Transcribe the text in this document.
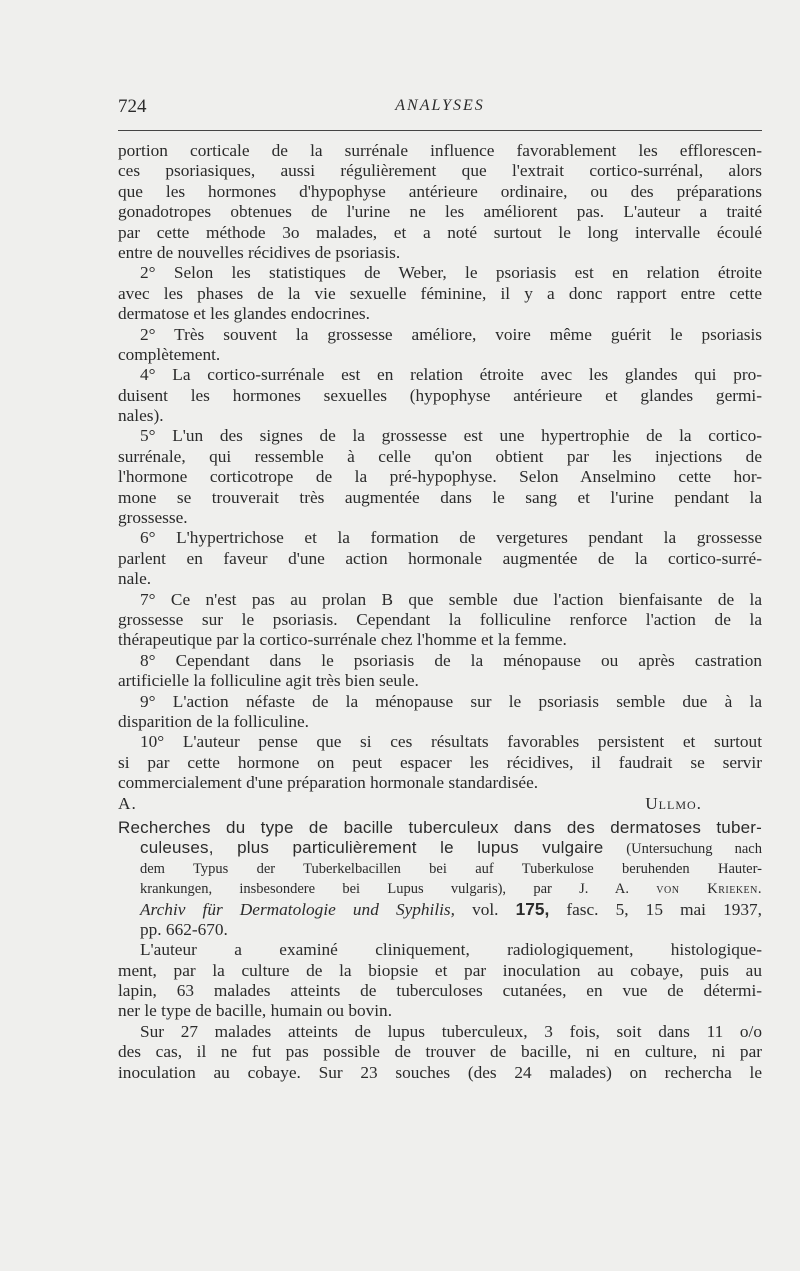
724	ANALYSES
portion corticale de la surrénale influence favorablement les efflorescen-
ces psoriasiques, aussi régulièrement que l'extrait cortico-surrénal, alors
que les hormones d'hypophyse antérieure ordinaire, ou des préparations
gonadotropes obtenues de l'urine ne les améliorent pas. L'auteur a traité
par cette méthode 3o malades, et a noté surtout le long intervalle écoulé
entre de nouvelles récidives de psoriasis.
2° Selon les statistiques de Weber, le psoriasis est en relation étroite
avec les phases de la vie sexuelle féminine, il y a donc rapport entre cette
dermatose et les glandes endocrines.
2° Très souvent la grossesse améliore, voire même guérit le psoriasis
complètement.
4° La cortico-surrénale est en relation étroite avec les glandes qui pro-
duisent les hormones sexuelles (hypophyse antérieure et glandes germi-
nales).
5° L'un des signes de la grossesse est une hypertrophie de la cortico-
surrénale, qui ressemble à celle qu'on obtient par les injections de
l'hormone corticotrope de la pré-hypophyse. Selon Anselmino cette hor-
mone se trouverait très augmentée dans le sang et l'urine pendant la
grossesse.
6° L'hypertrichose et la formation de vergetures pendant la grossesse
parlent en faveur d'une action hormonale augmentée de la cortico-surré-
nale.
7° Ce n'est pas au prolan B que semble due l'action bienfaisante de la
grossesse sur le psoriasis. Cependant la folliculine renforce l'action de la
thérapeutique par la cortico-surrénale chez l'homme et la femme.
8° Cependant dans le psoriasis de la ménopause ou après castration
artificielle la folliculine agit très bien seule.
9° L'action néfaste de la ménopause sur le psoriasis semble due à la
disparition de la folliculine.
10° L'auteur pense que si ces résultats favorables persistent et surtout
si par cette hormone on peut espacer les récidives, il faudrait se servir
commercialement d'une préparation hormonale standardisée.
A. Ullmo.
Recherches du type de bacille tuberculeux dans des dermatoses tuber-
culeuses, plus particulièrement le lupus vulgaire (Untersuchung nach
dem Typus der Tuberkelbacillen bei auf Tuberkulose beruhenden Hauter-
krankungen, insbesondere bei Lupus vulgaris), par J. A. von Krieken.
Archiv für Dermatologie und Syphilis, vol. 175, fasc. 5, 15 mai 1937,
pp. 662-670.
L'auteur a examiné cliniquement, radiologiquement, histologique-
ment, par la culture de la biopsie et par inoculation au cobaye, puis au
lapin, 63 malades atteints de tuberculoses cutanées, en vue de détermi-
ner le type de bacille, humain ou bovin.
Sur 27 malades atteints de lupus tuberculeux, 3 fois, soit dans 11 o/o
des cas, il ne fut pas possible de trouver de bacille, ni en culture, ni par
inoculation au cobaye. Sur 23 souches (des 24 malades) on rechercha le
